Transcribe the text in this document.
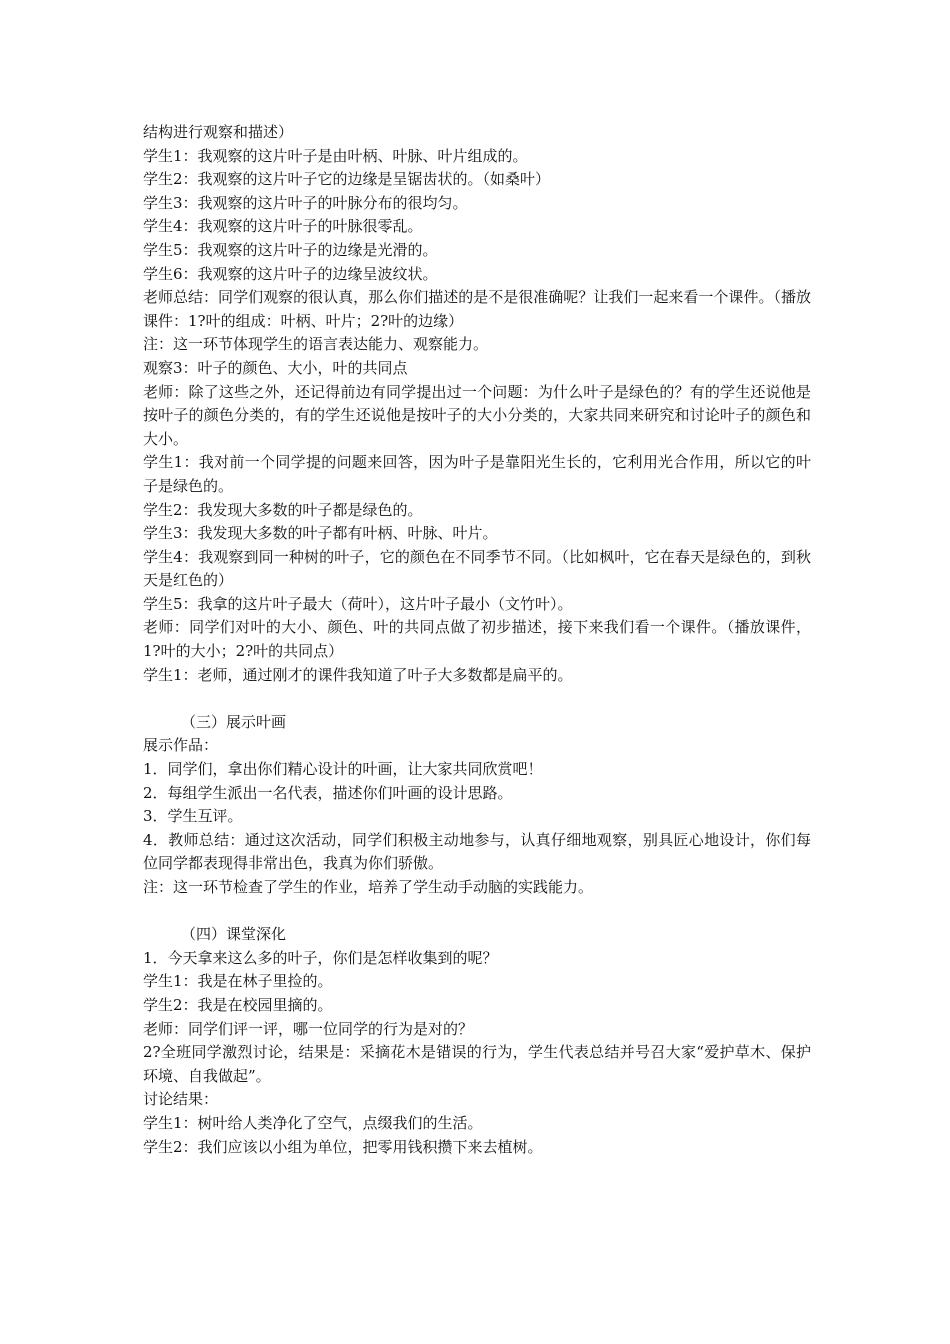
结构进行观察和描述）

学生1：我观察的这片叶子是由叶柄、叶脉、叶片组成的。

学生2：我观察的这片叶子它的边缘是呈锯齿状的。（如桑叶）

学生3：我观察的这片叶子的叶脉分布的很均匀。

学生4：我观察的这片叶子的叶脉很零乱。

学生5：我观察的这片叶子的边缘是光滑的。

学生6：我观察的这片叶子的边缘呈波纹状。

老师总结：同学们观察的很认真，那么你们描述的是不是很准确呢？让我们一起来看一个课件。（播放课件：1?叶的组成：叶柄、叶片；2?叶的边缘）

注：这一环节体现学生的语言表达能力、观察能力。

观察3：叶子的颜色、大小，叶的共同点

老师：除了这些之外，还记得前边有同学提出过一个问题：为什么叶子是绿色的？有的学生还说他是按叶子的颜色分类的，有的学生还说他是按叶子的大小分类的，大家共同来研究和讨论叶子的颜色和大小。

学生1：我对前一个同学提的问题来回答，因为叶子是靠阳光生长的，它利用光合作用，所以它的叶子是绿色的。

学生2：我发现大多数的叶子都是绿色的。

学生3：我发现大多数的叶子都有叶柄、叶脉、叶片。

学生4：我观察到同一种树的叶子，它的颜色在不同季节不同。（比如枫叶，它在春天是绿色的，到秋天是红色的）

学生5：我拿的这片叶子最大（荷叶），这片叶子最小（文竹叶）。

老师：同学们对叶的大小、颜色、叶的共同点做了初步描述，接下来我们看一个课件。（播放课件，1?叶的大小；2?叶的共同点）

学生1：老师，通过刚才的课件我知道了叶子大多数都是扁平的。

（三）展示叶画

展示作品：

1．同学们，拿出你们精心设计的叶画，让大家共同欣赏吧！

2．每组学生派出一名代表，描述你们叶画的设计思路。

3．学生互评。

4．教师总结：通过这次活动，同学们积极主动地参与，认真仔细地观察，别具匠心地设计，你们每位同学都表现得非常出色，我真为你们骄傲。

注：这一环节检查了学生的作业，培养了学生动手动脑的实践能力。

（四）课堂深化

1．今天拿来这么多的叶子，你们是怎样收集到的呢？

学生1：我是在林子里捡的。

学生2：我是在校园里摘的。

老师：同学们评一评，哪一位同学的行为是对的？

2?全班同学激烈讨论，结果是：采摘花木是错误的行为，学生代表总结并号召大家“爱护草木、保护环境、自我做起”。

讨论结果：

学生1：树叶给人类净化了空气，点缀我们的生活。

学生2：我们应该以小组为单位，把零用钱积攒下来去植树。
